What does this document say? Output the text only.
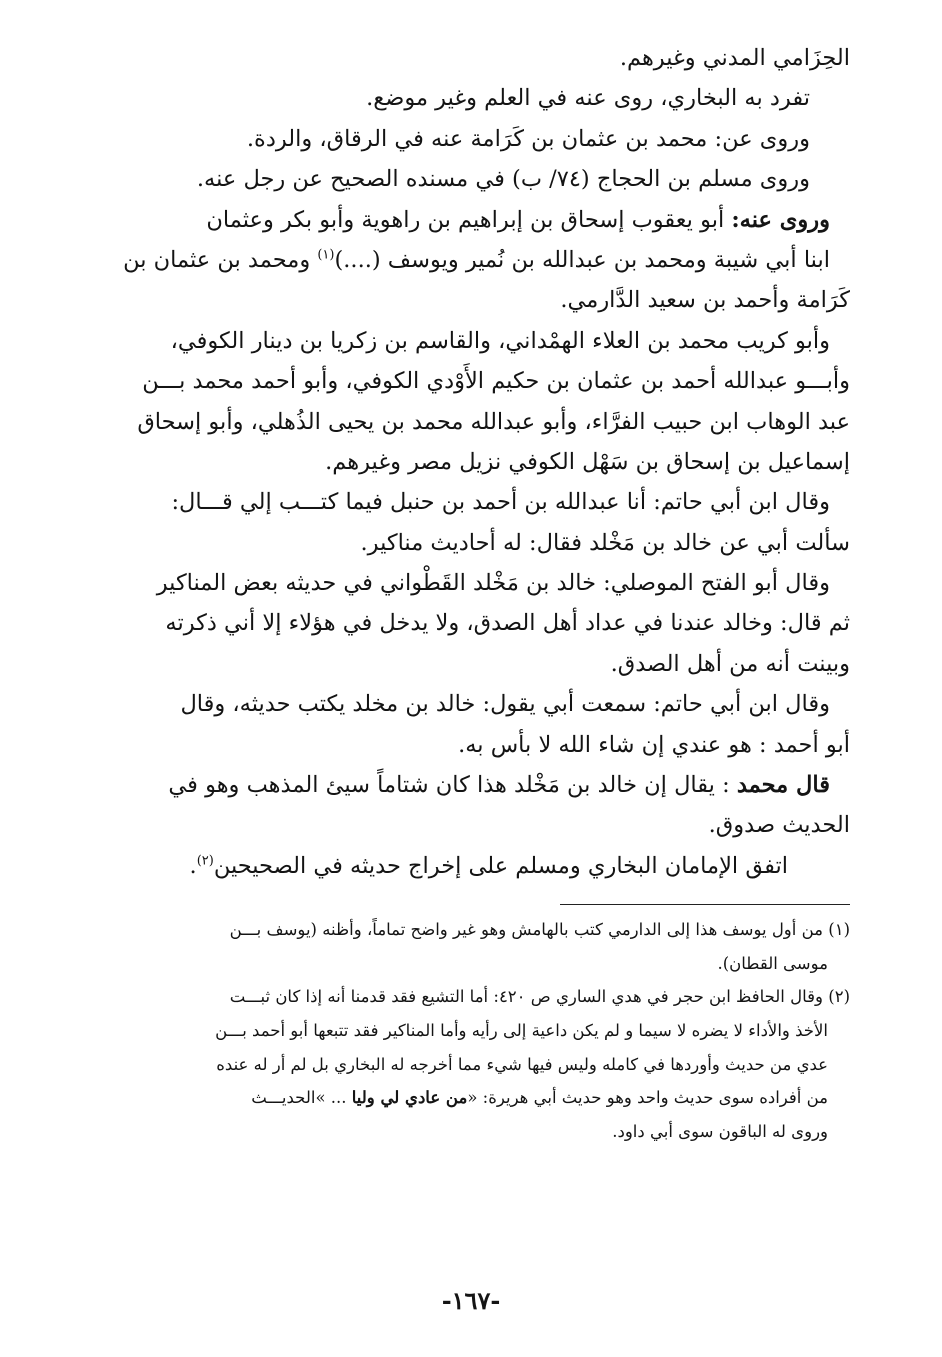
الحِزَامي المدني وغيرهم.

تفرد به البخاري، روى عنه في العلم وغير موضع.

وروى عن: محمد بن عثمان بن كَرَامة عنه في الرقاق، والردة.

وروى مسلم بن الحجاج (٧٤/ ب) في مسنده الصحيح عن رجل عنه.

وروى عنه: أبو يعقوب إسحاق بن إبراهيم بن راهوية وأبو بكر وعثمان

ابنا أبي شيبة ومحمد بن عبدالله بن نُمير ويوسف (....)$^{(١)}$ ومحمد بن عثمان بن

كَرَامة وأحمد بن سعيد الدَّارمي.

وأبو كريب محمد بن العلاء الهمْداني، والقاسم بن زكريا بن دينار الكوفي،

وأبـــو عبدالله أحمد بن عثمان بن حكيم الأَوْدي الكوفي، وأبو أحمد محمد بـــن

عبد الوهاب ابن حبيب الفرَّاء، وأبو عبدالله محمد بن يحيى الذُهلي، وأبو إسحاق

إسماعيل بن إسحاق بن سَهْل الكوفي نزيل مصر وغيرهم.

وقال ابن أبي حاتم: أنا عبدالله بن أحمد بن حنبل فيما كتـــب إلي قـــال:

سألت أبي عن خالد بن مَخْلد فقال: له أحاديث مناكير.

وقال أبو الفتح الموصلي: خالد بن مَخْلد القَطْواني في حديثه بعض المناكير

ثم قال: وخالد عندنا في عداد أهل الصدق، ولا يدخل في هؤلاء إلا أني ذكرته

وبينت أنه من أهل الصدق.

وقال ابن أبي حاتم: سمعت أبي يقول: خالد بن مخلد يكتب حديثه، وقال

أبو أحمد : هو عندي إن شاء الله لا بأس به.

قال محمد : يقال إن خالد بن مَخْلد هذا كان شتاماً سيئ المذهب وهو في

الحديث صدوق.

اتفق الإمامان البخاري ومسلم على إخراج حديثه في الصحيحين$^{(٢)}$.

(١) من أول يوسف هذا إلى الدارمي كتب بالهامش وهو غير واضح تماماً، وأظنه (يوسف بـــن

موسى القطان).

(٢) وقال الحافظ ابن حجر في هدي الساري ص ٤٢٠: أما التشيع فقد قدمنا أنه إذا كان ثبـــت

الأخذ والأداء لا يضره لا سيما و لم يكن داعية إلى رأيه وأما المناكير فقد تتبعها أبو أحمد بـــن

عدي من حديث وأوردها في كامله وليس فيها شيء مما أخرجه له البخاري بل لم أر له عنده

من أفراده سوى حديث واحد وهو حديث أبي هريرة: «من عادي لي وليا ... »الحديـــث

وروى له الباقون سوى أبي داود.

-١٦٧-
